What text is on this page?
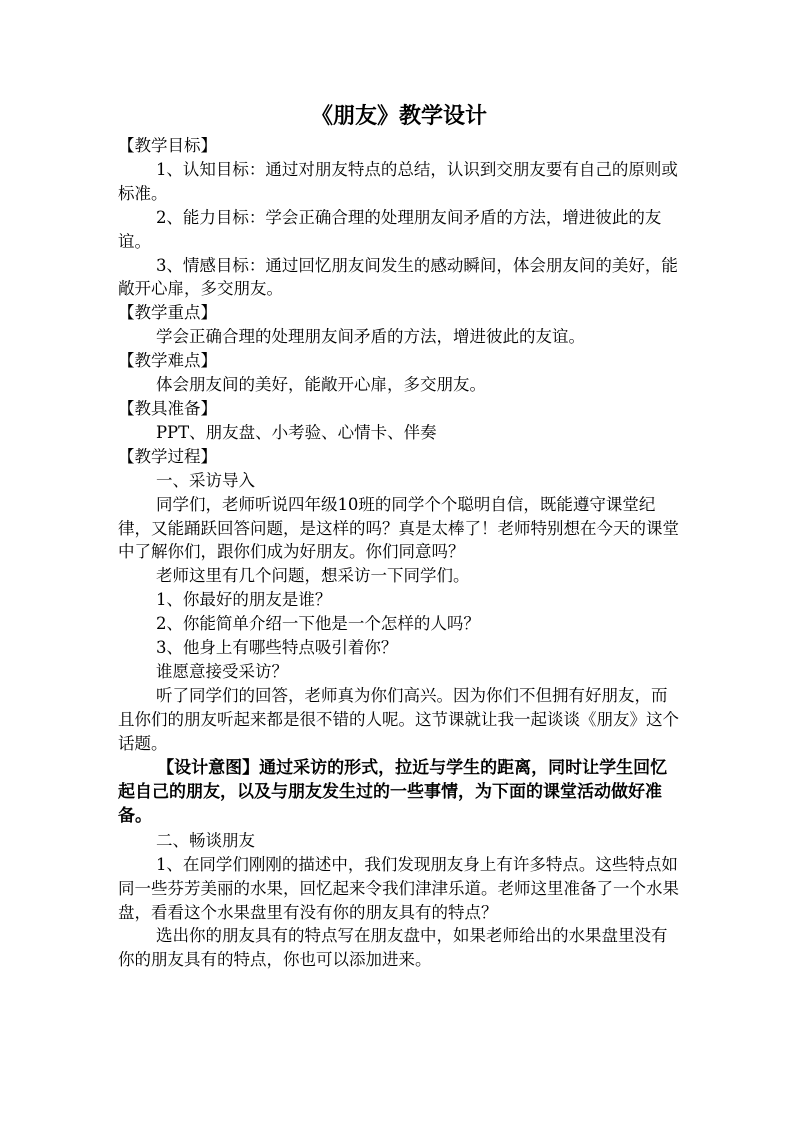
《朋友》教学设计

【教学目标】

1、认知目标：通过对朋友特点的总结，认识到交朋友要有自己的原则或标准。

2、能力目标：学会正确合理的处理朋友间矛盾的方法，增进彼此的友谊。

3、情感目标：通过回忆朋友间发生的感动瞬间，体会朋友间的美好，能敞开心扉，多交朋友。

【教学重点】

学会正确合理的处理朋友间矛盾的方法，增进彼此的友谊。

【教学难点】

体会朋友间的美好，能敞开心扉，多交朋友。

【教具准备】

PPT、朋友盘、小考验、心情卡、伴奏

【教学过程】

一、采访导入

同学们，老师听说四年级10班的同学个个聪明自信，既能遵守课堂纪律，又能踊跃回答问题，是这样的吗？真是太棒了！老师特别想在今天的课堂中了解你们，跟你们成为好朋友。你们同意吗？

老师这里有几个问题，想采访一下同学们。

1、你最好的朋友是谁？

2、你能简单介绍一下他是一个怎样的人吗？

3、他身上有哪些特点吸引着你？

谁愿意接受采访？

听了同学们的回答，老师真为你们高兴。因为你们不但拥有好朋友，而且你们的朋友听起来都是很不错的人呢。这节课就让我一起谈谈《朋友》这个话题。

【设计意图】通过采访的形式，拉近与学生的距离，同时让学生回忆起自己的朋友，以及与朋友发生过的一些事情，为下面的课堂活动做好准备。

二、畅谈朋友

1、在同学们刚刚的描述中，我们发现朋友身上有许多特点。这些特点如同一些芬芳美丽的水果，回忆起来令我们津津乐道。老师这里准备了一个水果盘，看看这个水果盘里有没有你的朋友具有的特点？

选出你的朋友具有的特点写在朋友盘中，如果老师给出的水果盘里没有你的朋友具有的特点，你也可以添加进来。
